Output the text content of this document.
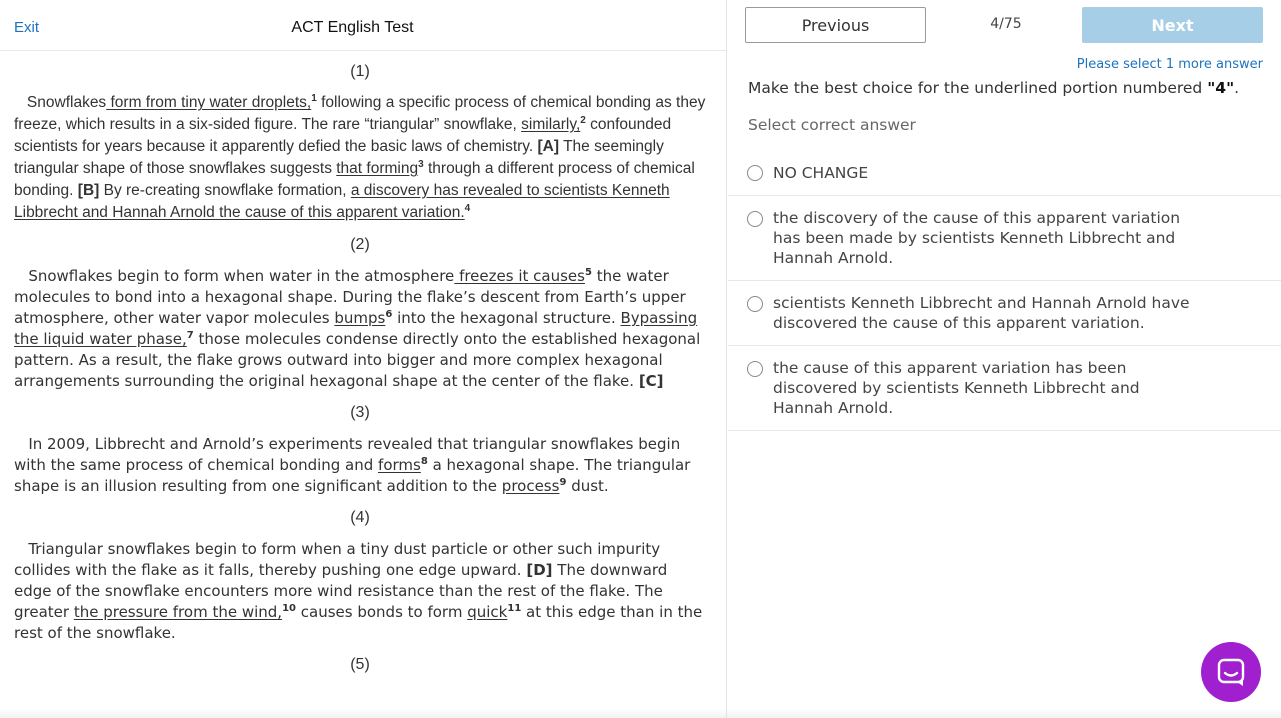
Exit	ACT English Test
(1)

Snowflakes form from tiny water droplets,$^1$ following a specific process of chemical bonding as they freeze, which results in a six-sided figure. The rare “triangular” snowflake, similarly,$^2$ confounded scientists for years because it apparently defied the basic laws of chemistry. [A] The seemingly triangular shape of those snowflakes suggests that forming$^3$ through a different process of chemical bonding. [B] By re-creating snowflake formation, a discovery has revealed to scientists Kenneth Libbrecht and Hannah Arnold the cause of this apparent variation.$^4$

(2)

Snowflakes begin to form when water in the atmosphere freezes it causes$^5$ the water molecules to bond into a hexagonal shape. During the flake’s descent from Earth’s upper atmosphere, other water vapor molecules bumps$^6$ into the hexagonal structure. Bypassing the liquid water phase,$^7$ those molecules condense directly onto the established hexagonal pattern. As a result, the flake grows outward into bigger and more complex hexagonal arrangements surrounding the original hexagonal shape at the center of the flake. [C]

(3)

In 2009, Libbrecht and Arnold’s experiments revealed that triangular snowflakes begin with the same process of chemical bonding and forms$^8$ a hexagonal shape. The triangular shape is an illusion resulting from one significant addition to the process$^9$ dust.

(4)

Triangular snowflakes begin to form when a tiny dust particle or other such impurity collides with the flake as it falls, thereby pushing one edge upward. [D] The downward edge of the snowflake encounters more wind resistance than the rest of the flake. The greater the pressure from the wind,$^{10}$ causes bonds to form quick$^{11}$ at this edge than in the rest of the snowflake.

(5)
Previous	4/75	Next
Please select 1 more answer
Make the best choice for the underlined portion numbered "4".
Select correct answer
NO CHANGE
the discovery of the cause of this apparent variation has been made by scientists Kenneth Libbrecht and Hannah Arnold.
scientists Kenneth Libbrecht and Hannah Arnold have discovered the cause of this apparent variation.
the cause of this apparent variation has been discovered by scientists Kenneth Libbrecht and Hannah Arnold.
